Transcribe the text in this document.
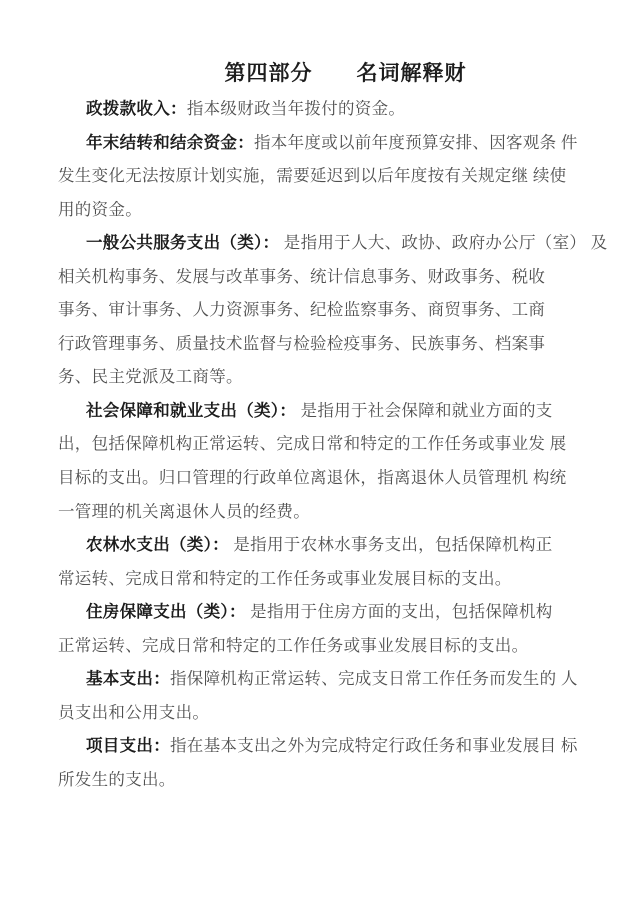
第四部分　　名词解释财
政拨款收入：指本级财政当年拨付的资金。
年末结转和结余资金：指本年度或以前年度预算安排、因客观条 件
发生变化无法按原计划实施，需要延迟到以后年度按有关规定继 续使
用的资金。
一般公共服务支出（类）： 是指用于人大、政协、政府办公厅（室） 及
相关机构事务、发展与改革事务、统计信息事务、财政事务、税收
事务、审计事务、人力资源事务、纪检监察事务、商贸事务、工商
行政管理事务、质量技术监督与检验检疫事务、民族事务、档案事
务、民主党派及工商等。
社会保障和就业支出（类）： 是指用于社会保障和就业方面的支
出，包括保障机构正常运转、完成日常和特定的工作任务或事业发 展
目标的支出。归口管理的行政单位离退休，指离退休人员管理机 构统
一管理的机关离退休人员的经费。
农林水支出（类）： 是指用于农林水事务支出，包括保障机构正
常运转、完成日常和特定的工作任务或事业发展目标的支出。
住房保障支出（类）： 是指用于住房方面的支出，包括保障机构
正常运转、完成日常和特定的工作任务或事业发展目标的支出。
基本支出：指保障机构正常运转、完成支日常工作任务而发生的 人
员支出和公用支出。
项目支出：指在基本支出之外为完成特定行政任务和事业发展目 标
所发生的支出。
